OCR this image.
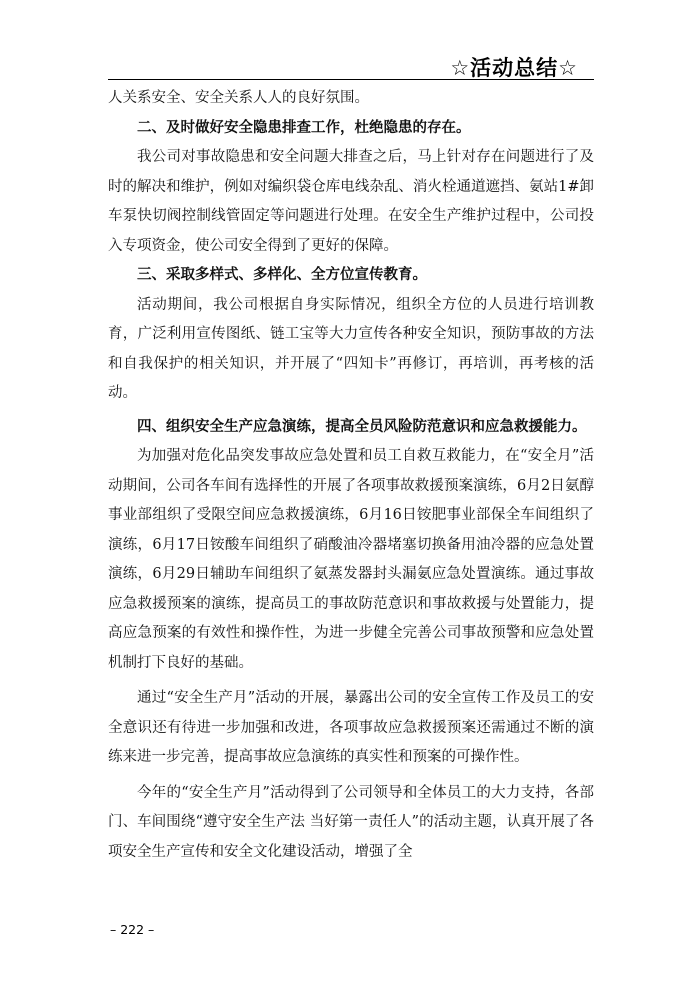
☆活动总结☆

人关系安全、安全关系人人的良好氛围。

二、及时做好安全隐患排查工作，杜绝隐患的存在。

我公司对事故隐患和安全问题大排查之后，马上针对存在问题进行了及时的解决和维护，例如对编织袋仓库电线杂乱、消火栓通道遮挡、氨站1#卸车泵快切阀控制线管固定等问题进行处理。在安全生产维护过程中，公司投入专项资金，使公司安全得到了更好的保障。

三、采取多样式、多样化、全方位宣传教育。

活动期间，我公司根据自身实际情况，组织全方位的人员进行培训教育，广泛利用宣传图纸、链工宝等大力宣传各种安全知识，预防事故的方法和自我保护的相关知识，并开展了“四知卡”再修订，再培训，再考核的活动。

四、组织安全生产应急演练，提高全员风险防范意识和应急救援能力。

为加强对危化品突发事故应急处置和员工自救互救能力，在“安全月”活动期间，公司各车间有选择性的开展了各项事故救援预案演练，6月2日氨醇事业部组织了受限空间应急救援演练，6月16日铵肥事业部保全车间组织了演练，6月17日铵酸车间组织了硝酸油冷器堵塞切换备用油冷器的应急处置演练，6月29日辅助车间组织了氨蒸发器封头漏氨应急处置演练。通过事故应急救援预案的演练，提高员工的事故防范意识和事故救援与处置能力，提高应急预案的有效性和操作性，为进一步健全完善公司事故预警和应急处置机制打下良好的基础。

通过“安全生产月”活动的开展，暴露出公司的安全宣传工作及员工的安全意识还有待进一步加强和改进，各项事故应急救援预案还需通过不断的演练来进一步完善，提高事故应急演练的真实性和预案的可操作性。

今年的“安全生产月”活动得到了公司领导和全体员工的大力支持，各部门、车间围绕“遵守安全生产法 当好第一责任人”的活动主题，认真开展了各项安全生产宣传和安全文化建设活动，增强了全

– 222 –
